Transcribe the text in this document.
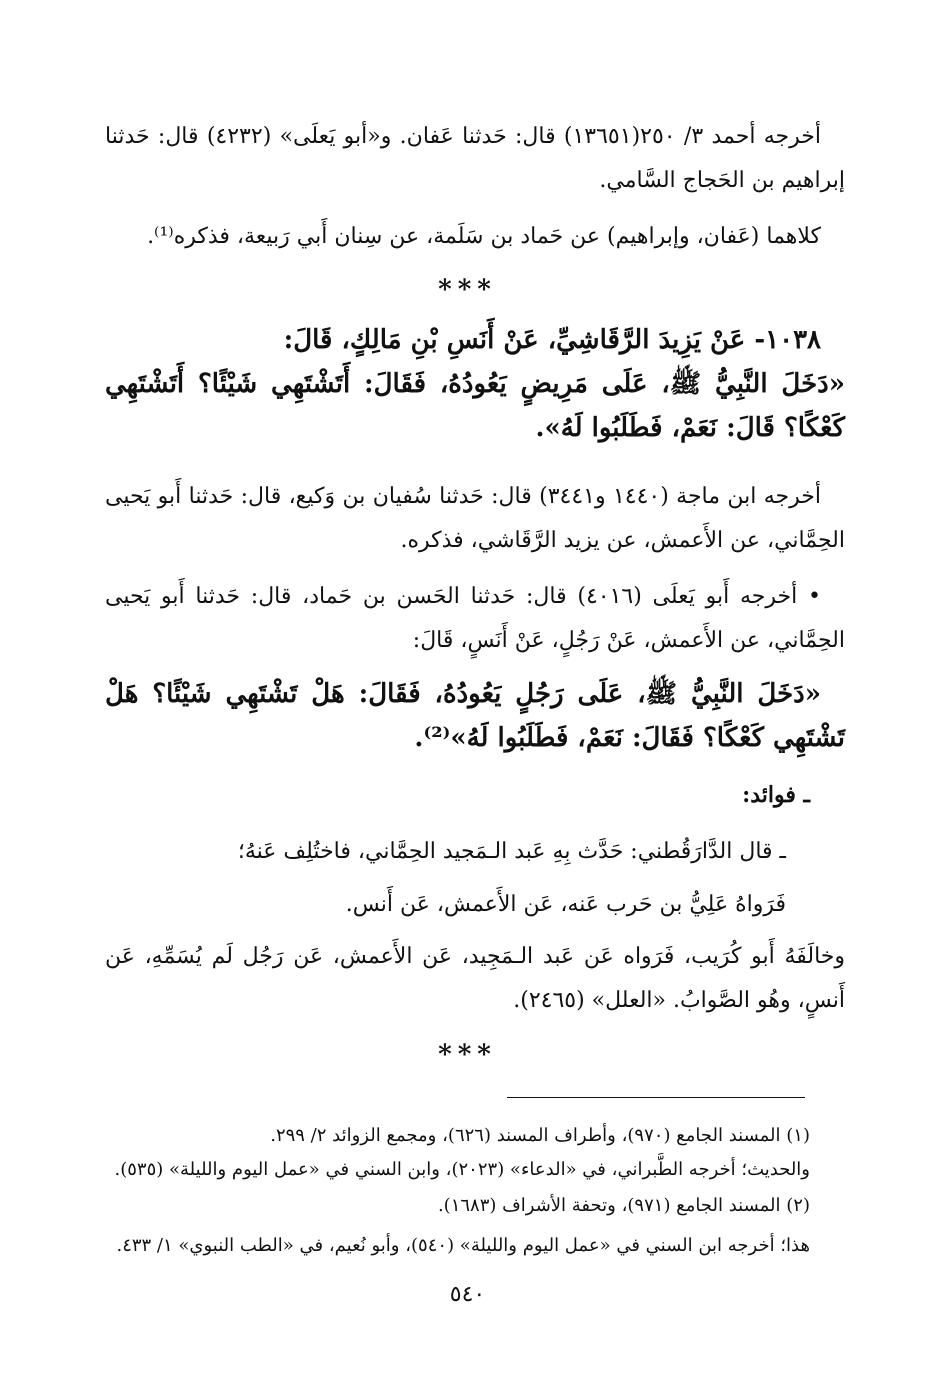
أخرجه أحمد ٣/ ٢٥٠(١٣٦٥١) قال: حَدثنا عَفان. و«أبو يَعلَى» (٤٢٣٢) قال: حَدثنا إبراهيم بن الحَجاج السَّامي.
كلاهما (عَفان، وإبراهيم) عن حَماد بن سَلَمة، عن سِنان أَبي رَبيعة، فذكره⁽¹⁾.
***
١٠٣٨- عَنْ يَزِيدَ الرَّقَاشِيِّ، عَنْ أَنَسِ بْنِ مَالِكٍ، قَالَ:
«دَخَلَ النَّبِيُّ ﷺ، عَلَى مَرِيضٍ يَعُودُهُ، فَقَالَ: أَتَشْتَهِي شَيْئًا؟ أَتَشْتَهِي كَعْكًا؟ قَالَ: نَعَمْ، فَطَلَبُوا لَهُ».
أخرجه ابن ماجة (١٤٤٠ و٣٤٤١) قال: حَدثنا سُفيان بن وَكيع، قال: حَدثنا أَبو يَحيى الحِمَّاني، عن الأَعمش، عن يزيد الرَّقَاشي، فذكره.
• أخرجه أَبو يَعلَى (٤٠١٦) قال: حَدثنا الحَسن بن حَماد، قال: حَدثنا أَبو يَحيى الحِمَّاني، عن الأَعمش، عَنْ رَجُلٍ، عَنْ أَنَسٍ، قَالَ:
«دَخَلَ النَّبِيُّ ﷺ، عَلَى رَجُلٍ يَعُودُهُ، فَقَالَ: هَلْ تَشْتَهِي شَيْئًا؟ هَلْ تَشْتَهِي كَعْكًا؟ فَقَالَ: نَعَمْ، فَطَلَبُوا لَهُ»⁽²⁾.
ـ فوائد:
ـ قال الدَّارَقُطني: حَدَّث بِهِ عَبد الـمَجيد الحِمَّاني، فاختُلِف عَنهُ؛
فَرَواهُ عَلِيُّ بن حَرب عَنه، عَن الأَعمش، عَن أَنس.
وخالَفَهُ أَبو كُرَيب، فَرَواه عَن عَبد الـمَجِيد، عَن الأَعمش، عَن رَجُل لَم يُسَمِّهِ، عَن أَنسٍ، وهُو الصَّوابُ. «العلل» (٢٤٦٥).
***
(١) المسند الجامع (٩٧٠)، وأطراف المسند (٦٢٦)، ومجمع الزوائد ٢/ ٢٩٩.
والحديث؛ أخرجه الطَّبراني، في «الدعاء» (٢٠٢٣)، وابن السني في «عمل اليوم والليلة» (٥٣٥).
(٢) المسند الجامع (٩٧١)، وتحفة الأشراف (١٦٨٣).
هذا؛ أخرجه ابن السني في «عمل اليوم والليلة» (٥٤٠)، وأبو نُعيم، في «الطب النبوي» ١/ ٤٣٣.
٥٤٠
